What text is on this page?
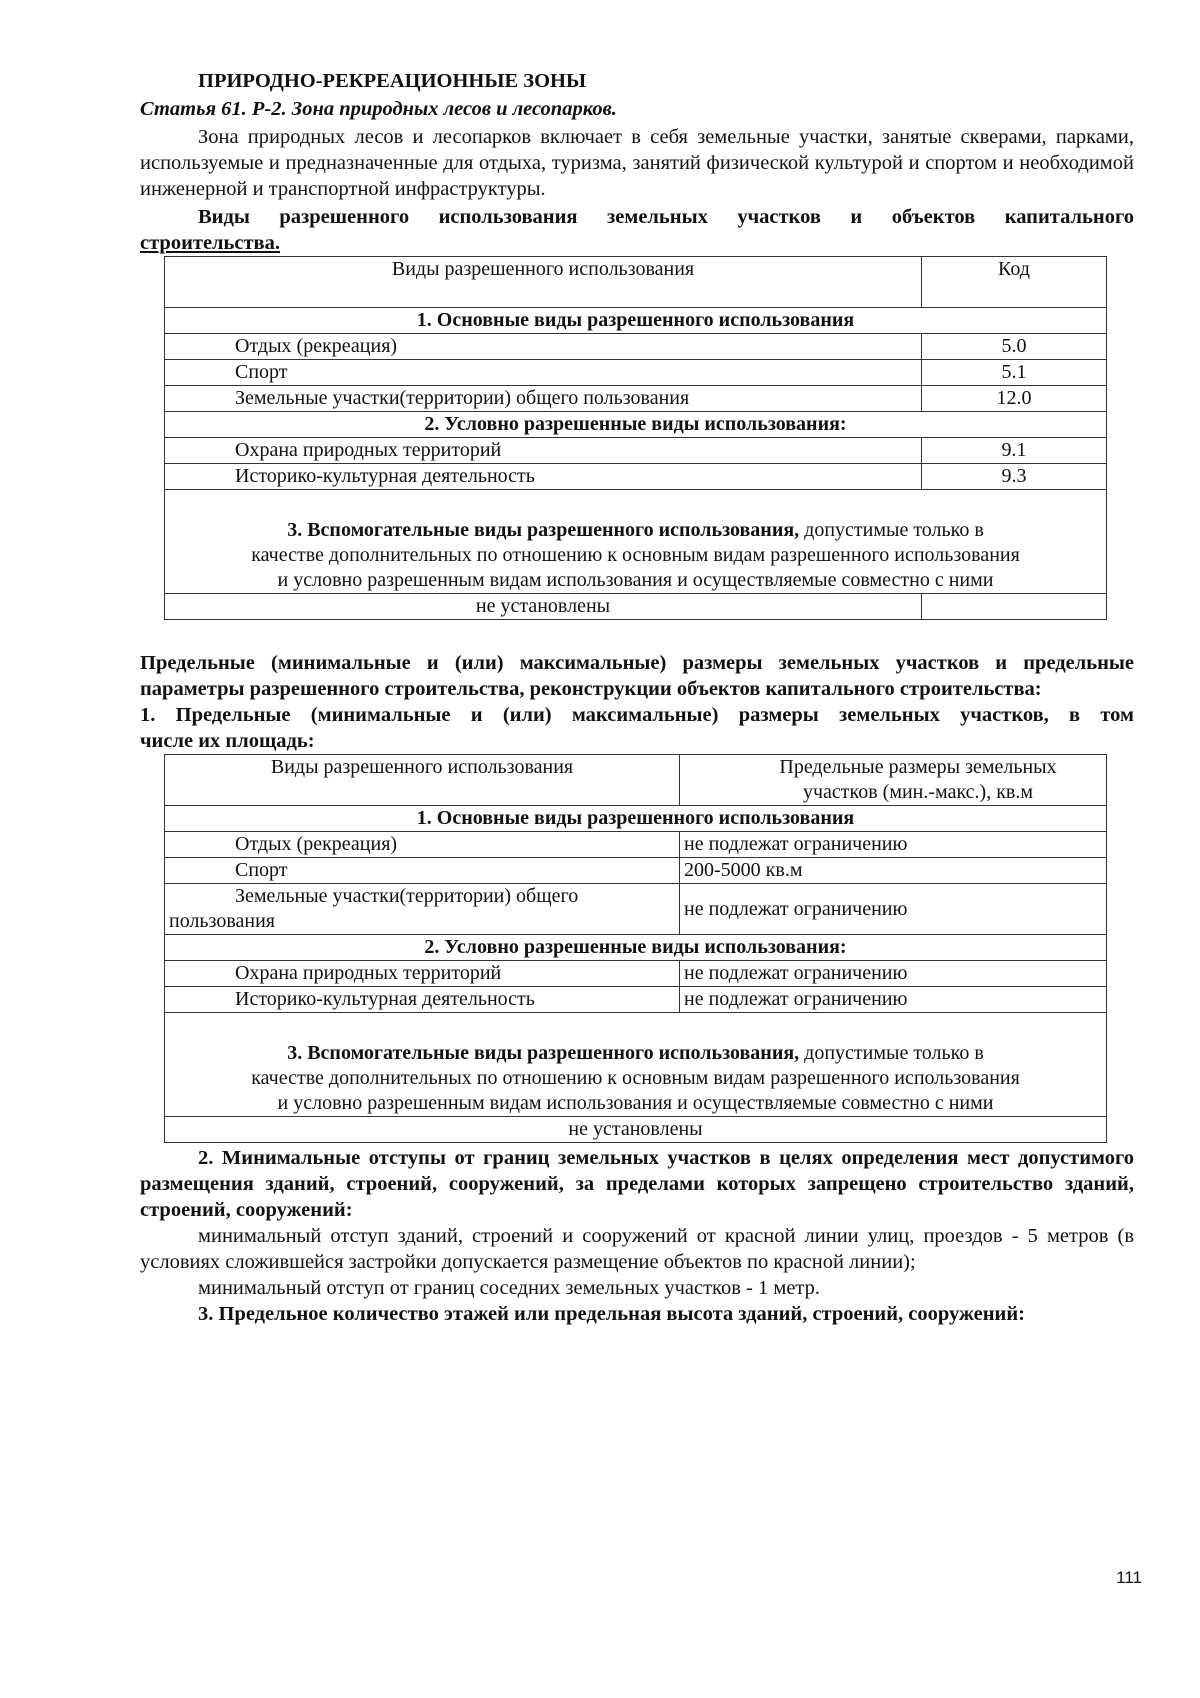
ПРИРОДНО-РЕКРЕАЦИОННЫЕ ЗОНЫ
Статья 61. Р-2. Зона природных лесов и лесопарков.

Зона природных лесов и лесопарков включает в себя земельные участки, занятые скверами, парками, используемые и предназначенные для отдыха, туризма, занятий физической культурой и спортом и необходимой инженерной и транспортной инфраструктуры.

Виды разрешенного использования земельных участков и объектов капитального
строительства.
Виды разрешенного использования	Код
1. Основные виды разрешенного использования	
Отдых (рекреация)	5.0
Спорт	5.1
Земельные участки(территории) общего пользования	12.0
2. Условно разрешенные виды использования:	
Охрана природных территорий	9.1
Историко-культурная деятельность	9.3
3. Вспомогательные виды разрешенного использования, допустимые только в
качестве дополнительных по отношению к основным видам разрешенного использования
и условно разрешенным видам использования и осуществляемые совместно с ними	
не установлены	

Предельные (минимальные и (или) максимальные) размеры земельных участков и предельные параметры разрешенного строительства, реконструкции объектов капитального строительства:

1. Предельные (минимальные и (или) максимальные) размеры земельных участков, в том
числе их площадь:
Виды разрешенного использования	Предельные размеры земельных участков (мин.-макс.), кв.м
1. Основные виды разрешенного использования	
Отдых (рекреация)	не подлежат ограничению
Спорт	200-5000 кв.м

Земельные участки(территории) общего
пользования	не подлежат ограничению
2. Условно разрешенные виды использования:	
Охрана природных территорий	не подлежат ограничению
Историко-культурная деятельность	не подлежат ограничению
3. Вспомогательные виды разрешенного использования, допустимые только в
качестве дополнительных по отношению к основным видам разрешенного использования
и условно разрешенным видам использования и осуществляемые совместно с ними	
не установлены	

2. Минимальные отступы от границ земельных участков в целях определения мест допустимого размещения зданий, строений, сооружений, за пределами которых запрещено строительство зданий, строений, сооружений:

минимальный отступ зданий, строений и сооружений от красной линии улиц, проездов - 5 метров (в условиях сложившейся застройки допускается размещение объектов по красной линии);

минимальный отступ от границ соседних земельных участков - 1 метр.

3. Предельное количество этажей или предельная высота зданий, строений, сооружений:

111
